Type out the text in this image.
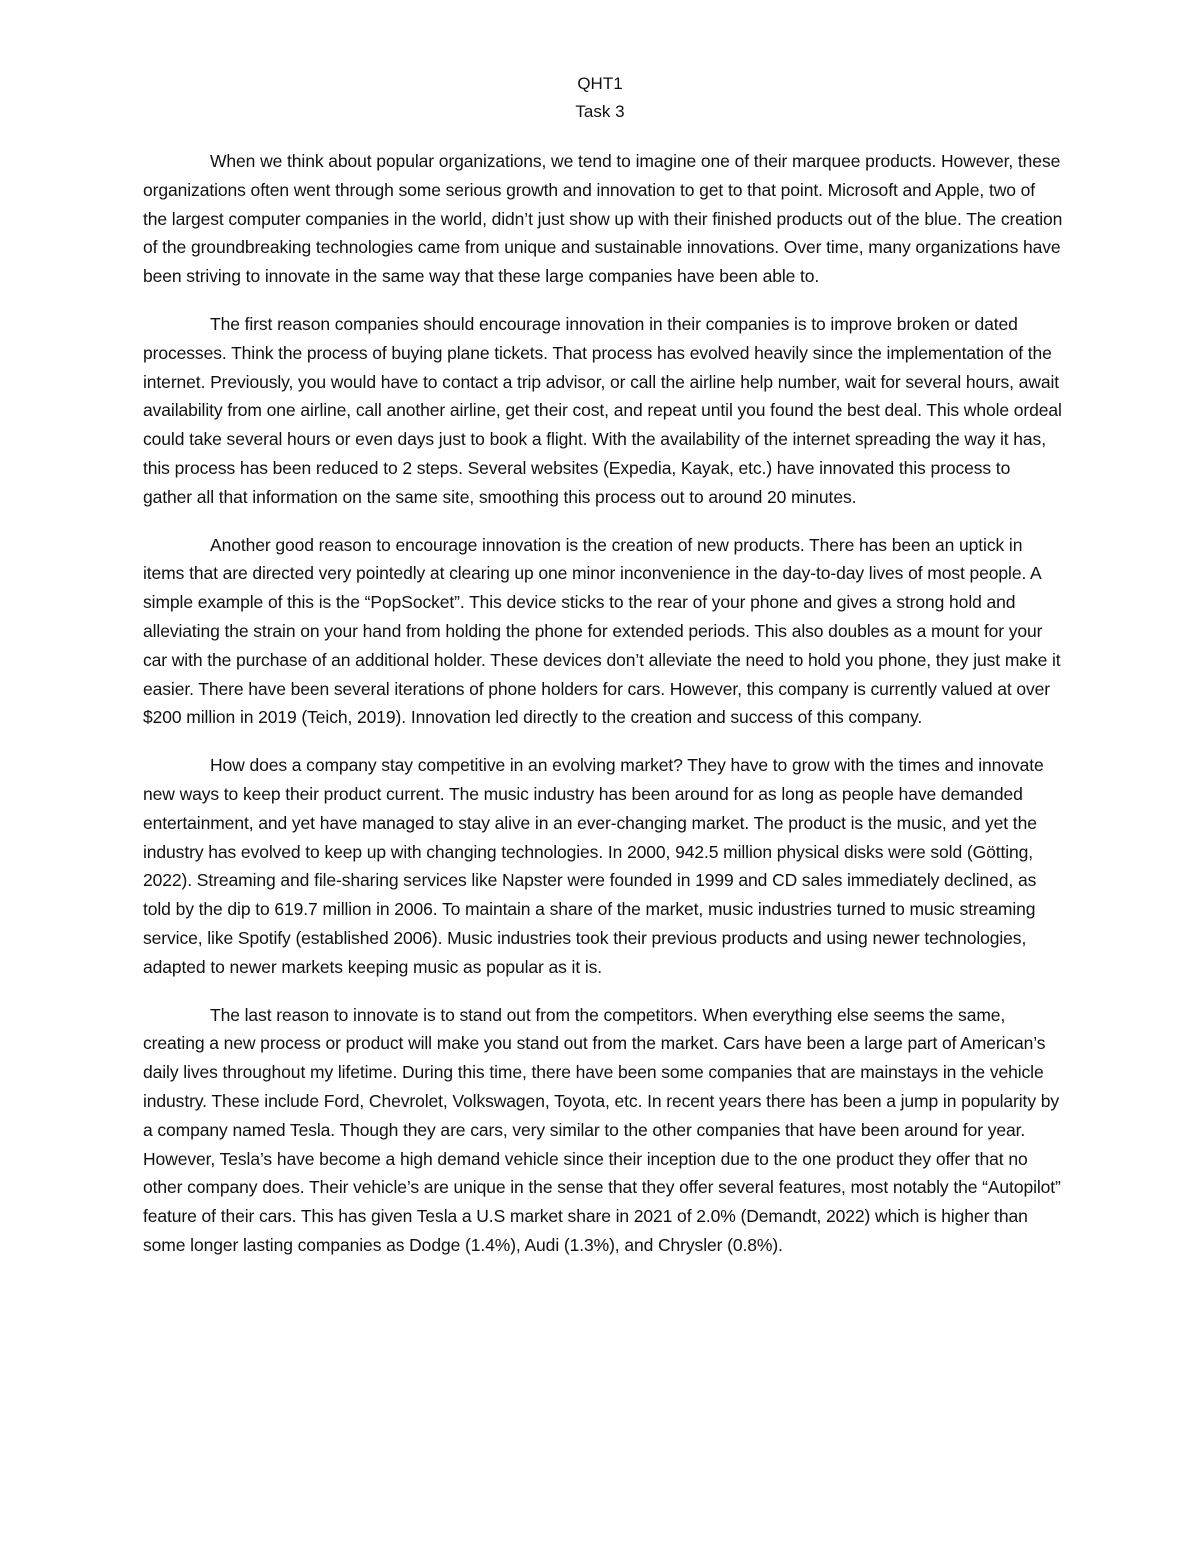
QHT1
Task 3

When we think about popular organizations, we tend to imagine one of their marquee products. However, these organizations often went through some serious growth and innovation to get to that point. Microsoft and Apple, two of the largest computer companies in the world, didn’t just show up with their finished products out of the blue. The creation of the groundbreaking technologies came from unique and sustainable innovations. Over time, many organizations have been striving to innovate in the same way that these large companies have been able to.

The first reason companies should encourage innovation in their companies is to improve broken or dated processes. Think the process of buying plane tickets. That process has evolved heavily since the implementation of the internet. Previously, you would have to contact a trip advisor, or call the airline help number, wait for several hours, await availability from one airline, call another airline, get their cost, and repeat until you found the best deal. This whole ordeal could take several hours or even days just to book a flight. With the availability of the internet spreading the way it has, this process has been reduced to 2 steps. Several websites (Expedia, Kayak, etc.) have innovated this process to gather all that information on the same site, smoothing this process out to around 20 minutes.

Another good reason to encourage innovation is the creation of new products. There has been an uptick in items that are directed very pointedly at clearing up one minor inconvenience in the day-to-day lives of most people. A simple example of this is the “PopSocket”. This device sticks to the rear of your phone and gives a strong hold and alleviating the strain on your hand from holding the phone for extended periods. This also doubles as a mount for your car with the purchase of an additional holder. These devices don’t alleviate the need to hold you phone, they just make it easier. There have been several iterations of phone holders for cars. However, this company is currently valued at over $200 million in 2019 (Teich, 2019). Innovation led directly to the creation and success of this company.

How does a company stay competitive in an evolving market? They have to grow with the times and innovate new ways to keep their product current. The music industry has been around for as long as people have demanded entertainment, and yet have managed to stay alive in an ever-changing market. The product is the music, and yet the industry has evolved to keep up with changing technologies. In 2000, 942.5 million physical disks were sold (Götting, 2022). Streaming and file-sharing services like Napster were founded in 1999 and CD sales immediately declined, as told by the dip to 619.7 million in 2006. To maintain a share of the market, music industries turned to music streaming service, like Spotify (established 2006). Music industries took their previous products and using newer technologies, adapted to newer markets keeping music as popular as it is.

The last reason to innovate is to stand out from the competitors. When everything else seems the same, creating a new process or product will make you stand out from the market. Cars have been a large part of American’s daily lives throughout my lifetime. During this time, there have been some companies that are mainstays in the vehicle industry. These include Ford, Chevrolet, Volkswagen, Toyota, etc. In recent years there has been a jump in popularity by a company named Tesla. Though they are cars, very similar to the other companies that have been around for year. However, Tesla’s have become a high demand vehicle since their inception due to the one product they offer that no other company does. Their vehicle’s are unique in the sense that they offer several features, most notably the “Autopilot” feature of their cars. This has given Tesla a U.S market share in 2021 of 2.0% (Demandt, 2022) which is higher than some longer lasting companies as Dodge (1.4%), Audi (1.3%), and Chrysler (0.8%).
